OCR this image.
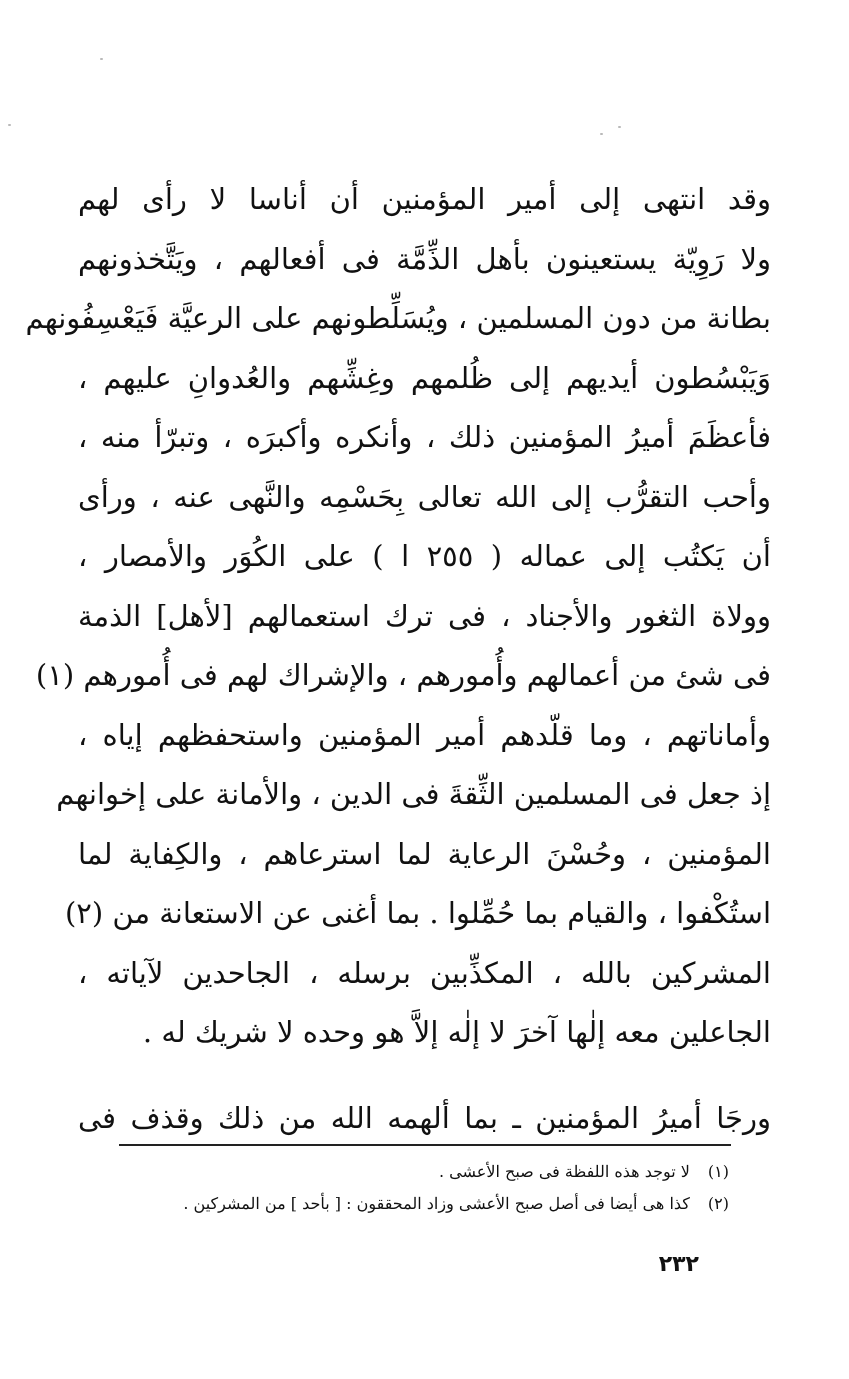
وقد انتهى إلى أمير المؤمنين أن أناسا لا رأى لهم
ولا رَوِيّة يستعينون بأهل الذِّمَّة فى أفعالهم ، ويَتَّخذونهم
بطانة من دون المسلمين ، ويُسَلِّطونهم على الرعيَّة فَيَعْسِفُونهم
وَيَبْسُطون أيديهم إلى ظُلمهم وغِشِّهم والعُدوانِ عليهم ،
فأعظَمَ أميرُ المؤمنين ذلك ، وأنكره وأكبرَه ، وتبرّأ منه ،
وأحب التقرُّب إلى الله تعالى بِحَسْمِه والنَّهى عنه ، ورأى
أن يَكتُب إلى عماله ( ٢٥٥ ا ) على الكُوَر والأمصار ،
وولاة الثغور والأجناد ، فى ترك استعمالهم [لأهل] الذمة
فى شئ من أعمالهم وأُمورهم ، والإشراك لهم فى أُمورهم (١)
وأماناتهم ، وما قلّدهم أمير المؤمنين واستحفظهم إياه ،
إذ جعل فى المسلمين الثِّقةَ فى الدين ، والأمانة على إخوانهم
المؤمنين ، وحُسْنَ الرعاية لما استرعاهم ، والكِفاية لما
استُكْفوا ، والقيام بما حُمِّلوا . بما أغنى عن الاستعانة من (٢)
المشركين بالله ، المكذِّبين برسله ، الجاحدين لآياته ،
الجاعلين معه إلٰها آخرَ لا إلٰه إلاَّ هو وحده لا شريك له .
ورجَا أميرُ المؤمنين ـ بما ألهمه الله من ذلك وقذف فى
(١) لا توجد هذه اللفظة فى صبح الأعشى .
(٢) كذا هى أيضا فى أصل صبح الأعشى وزاد المحققون : [ بأحد ] من المشركين .
٢٣٢
